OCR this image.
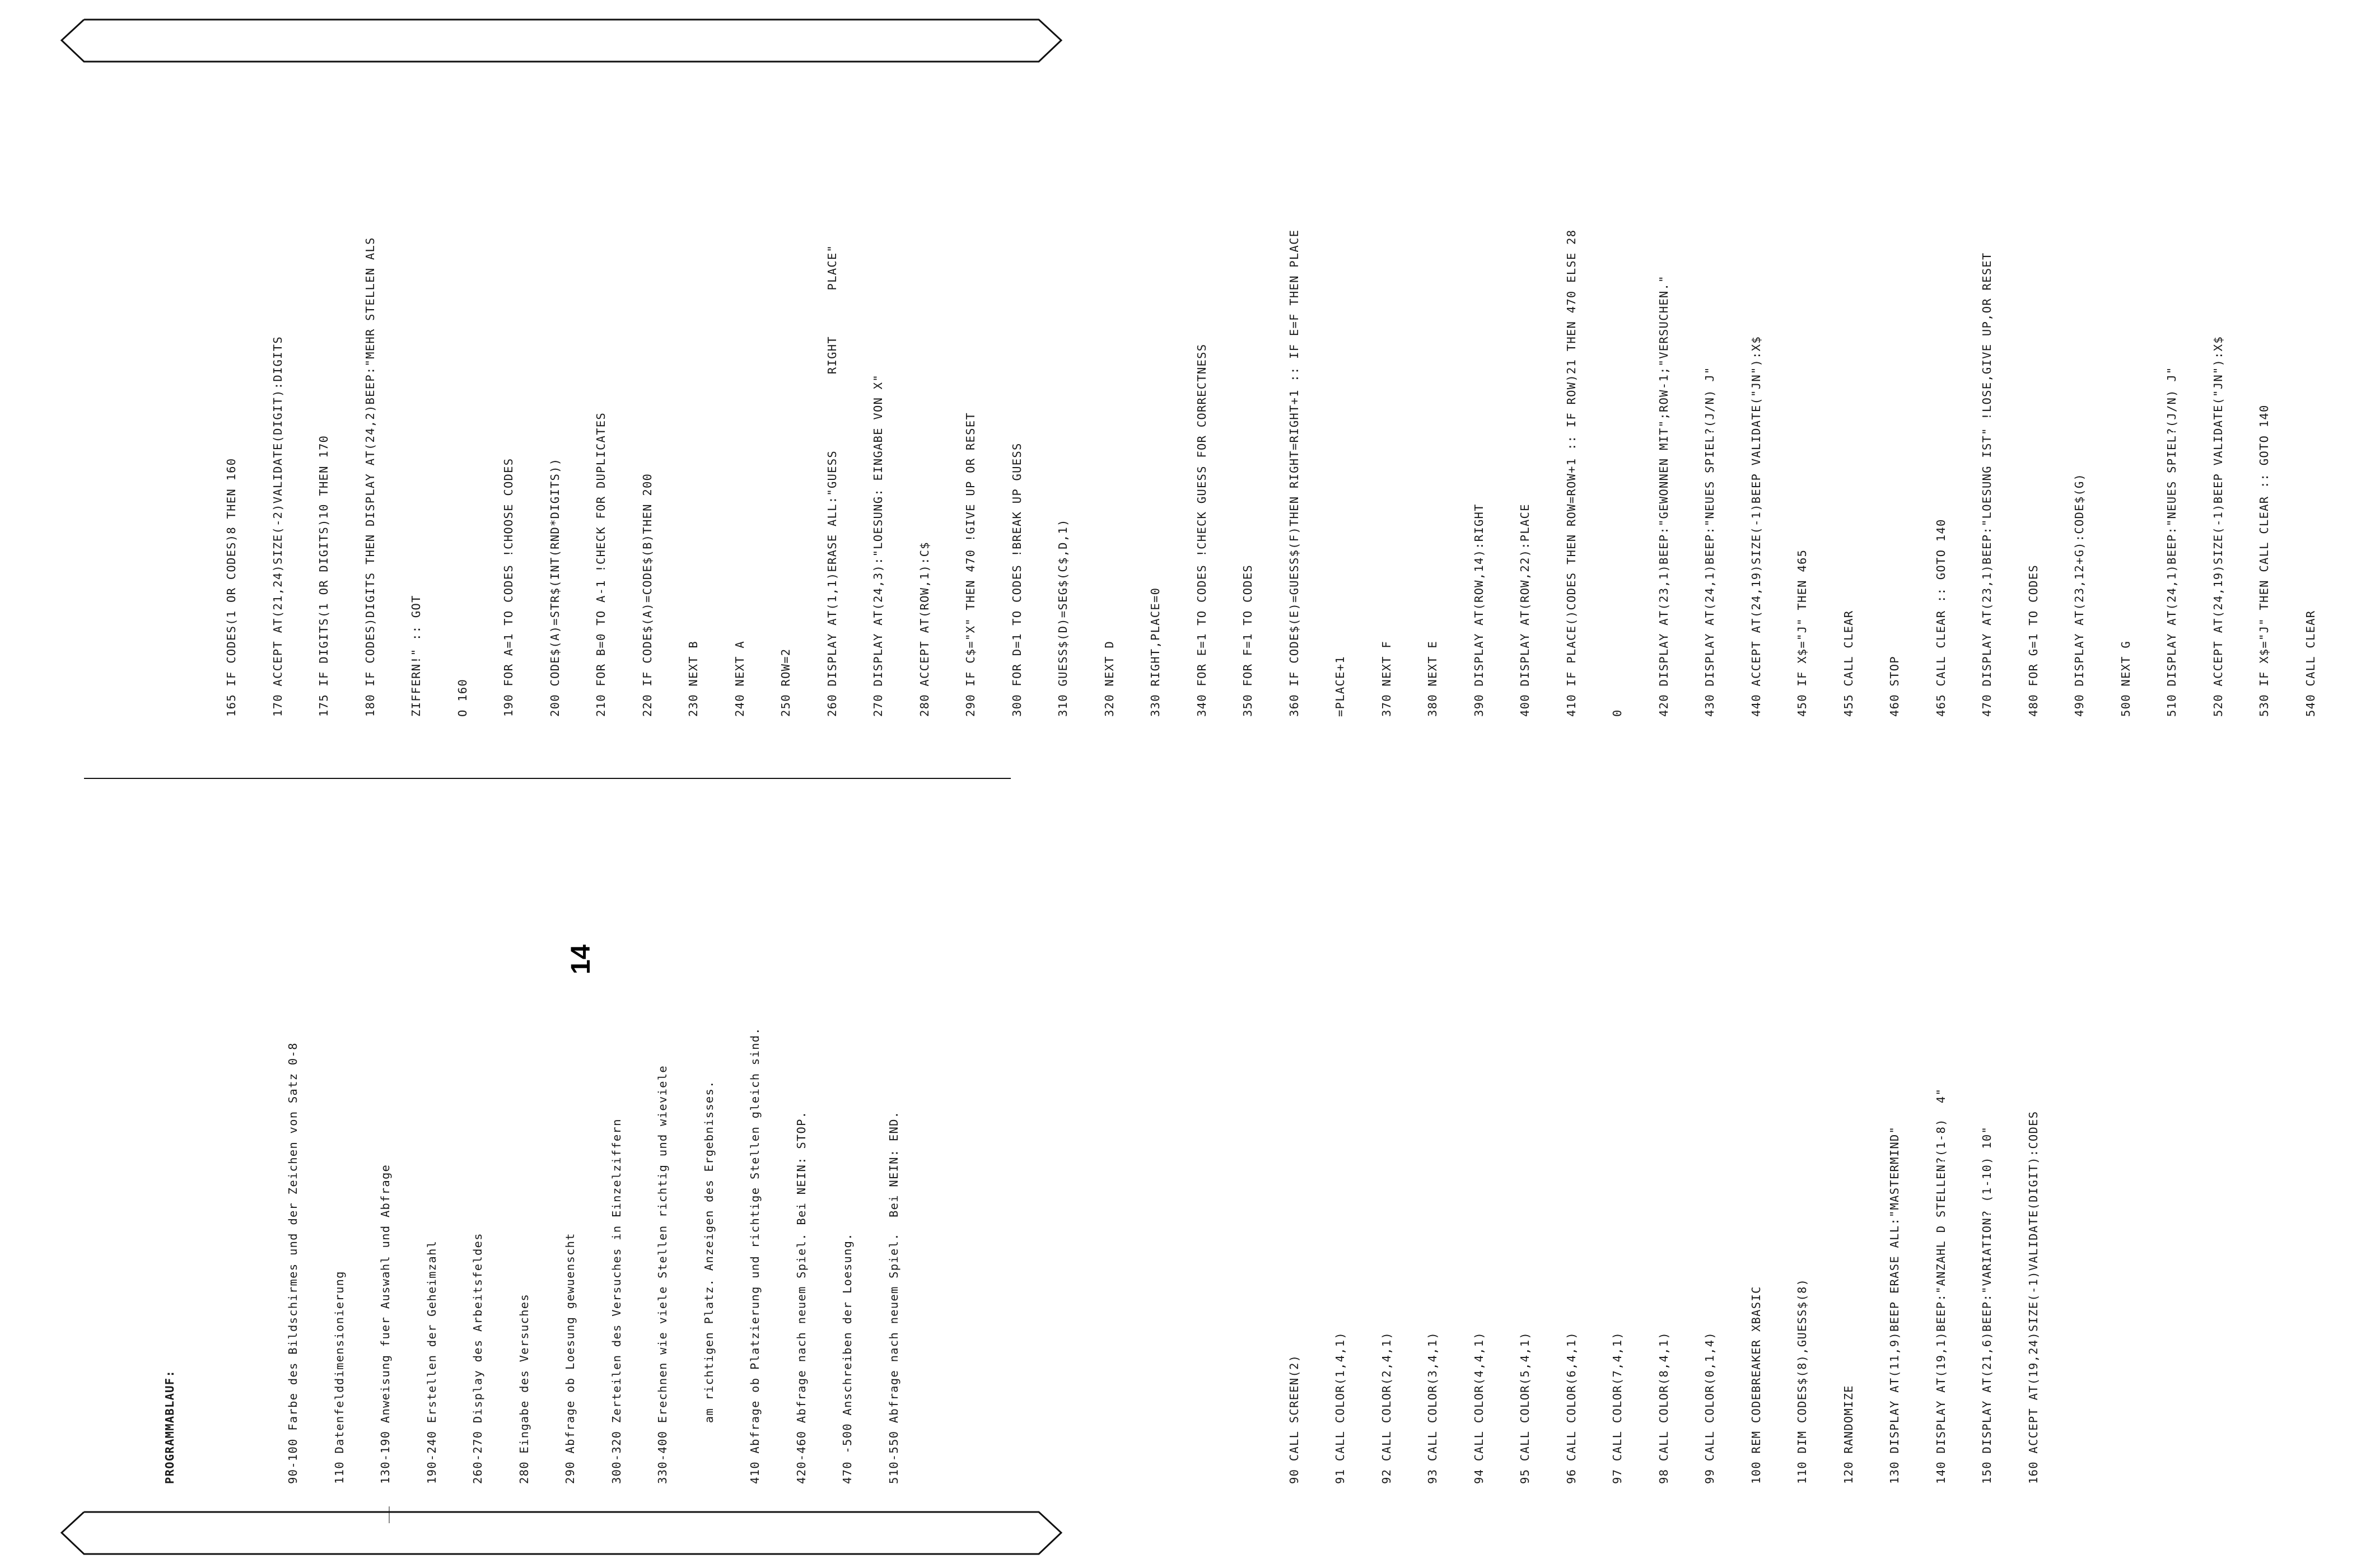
PROGRAMMABLAUF:

	90-100 Farbe des Bildschirmes und der Zeichen von Satz 0-8

	110 Datenfelddimensionierung

	130-190 Anweisung fuer Auswahl und Abfrage

	190-240 Erstellen der Geheimzahl

	260-270 Display des Arbeitsfeldes

	280 Eingabe des Versuches

	290 Abfrage ob Loesung gewuenscht

	300-320 Zerteilen des Versuches in Einzelziffern

	330-400 Erechnen wie viele Stellen richtig und wieviele

	am richtigen Platz. Anzeigen des Ergebnisses.

	410 Abfrage ob Platzierung und richtige Stellen gleich sind.

	420-460 Abfrage nach neuem Spiel. Bei NEIN: STOP.

	470 -500 Anschreiben der Loesung.

	510-550 Abfrage nach neuem Spiel.  Bei NEIN: END.

	90 CALL SCREEN(2)

	91 CALL COLOR(1,4,1)

	92 CALL COLOR(2,4,1)

	93 CALL COLOR(3,4,1)

	94 CALL COLOR(4,4,1)

	95 CALL COLOR(5,4,1)

	96 CALL COLOR(6,4,1)

	97 CALL COLOR(7,4,1)

	98 CALL COLOR(8,4,1)

	99 CALL COLOR(0,1,4)

	100 REM CODEBREAKER XBASIC

	110 DIM CODES$(8),GUESS$(8)

	120 RANDOMIZE

	130 DISPLAY AT(11,9)BEEP ERASE ALL:"MASTERMIND"

	140 DISPLAY AT(19,1)BEEP:"ANZAHL D STELLEN?(1-8)  4"

	150 DISPLAY AT(21,6)BEEP:"VARIATION? (1-10) 10"

	160 ACCEPT AT(19,24)SIZE(-1)VALIDATE(DIGIT):CODES

165 IF CODES(1 OR CODES)8 THEN 160

	170 ACCEPT AT(21,24)SIZE(-2)VALIDATE(DIGIT):DIGITS

	175 IF DIGITS(1 OR DIGITS)10 THEN 170

	180 IF CODES)DIGITS THEN DISPLAY AT(24,2)BEEP:"MEHR STELLEN ALS

	ZIFFERN!" :: GOT

	O 160

	190 FOR A=1 TO CODES !CHOOSE CODES

	200 CODE$(A)=STR$(INT(RND*DIGITS))

	210 FOR B=0 TO A-1 !CHECK FOR DUPLICATES

	220 IF CODE$(A)=CODE$(B)THEN 200

	230 NEXT B

	240 NEXT A

	250 ROW=2

	260 DISPLAY AT(1,1)ERASE ALL:"GUESS          RIGHT      PLACE"

	270 DISPLAY AT(24,3):"LOESUNG: EINGABE VON X"

	280 ACCEPT AT(ROW,1):C$

	290 IF C$="X" THEN 470 !GIVE UP OR RESET

	300 FOR D=1 TO CODES !BREAK UP GUESS

	310 GUESS$(D)=SEG$(C$,D,1)

	320 NEXT D

	330 RIGHT,PLACE=0

	340 FOR E=1 TO CODES !CHECK GUESS FOR CORRECTNESS

	350 FOR F=1 TO CODES

	360 IF CODE$(E)=GUESS$(F)THEN RIGHT=RIGHT+1 :: IF E=F THEN PLACE

	=PLACE+1

	370 NEXT F

	380 NEXT E

	390 DISPLAY AT(ROW,14):RIGHT

	400 DISPLAY AT(ROW,22):PLACE

	410 IF PLACE()CODES THEN ROW=ROW+1 :: IF ROW)21 THEN 470 ELSE 28

	0

	420 DISPLAY AT(23,1)BEEP:"GEWONNEN MIT";ROW-1;"VERSUCHEN."

	430 DISPLAY AT(24,1)BEEP:"NEUES SPIEL?(J/N) J"

	440 ACCEPT AT(24,19)SIZE(-1)BEEP VALIDATE("JN"):X$

	450 IF X$="J" THEN 465

	455 CALL CLEAR

	460 STOP

	465 CALL CLEAR :: GOTO 140

	470 DISPLAY AT(23,1)BEEP:"LOESUNG IST" !LOSE,GIVE UP,OR RESET

	480 FOR G=1 TO CODES

	490 DISPLAY AT(23,12+G):CODE$(G)

	500 NEXT G

	510 DISPLAY AT(24,1)BEEP:"NEUES SPIEL?(J/N) J"

	520 ACCEPT AT(24,19)SIZE(-1)BEEP VALIDATE("JN"):X$

	530 IF X$="J" THEN CALL CLEAR :: GOTO 140

	540 CALL CLEAR

14
